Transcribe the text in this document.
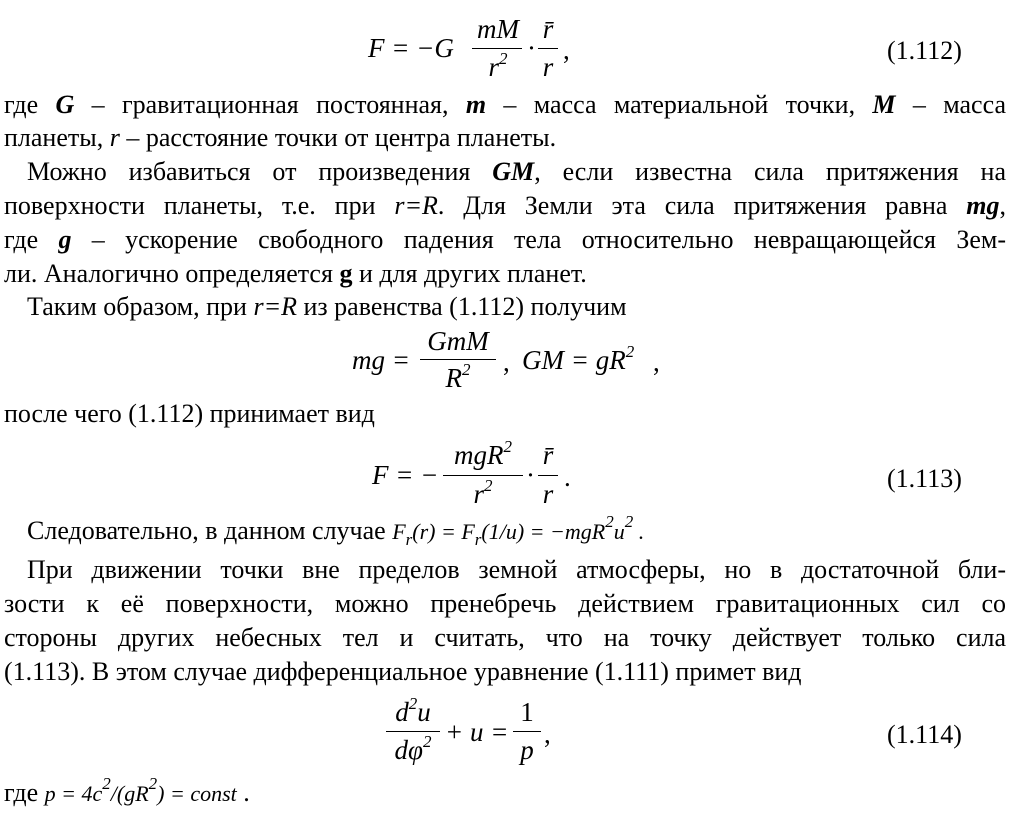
F = −G
mM
$r^2$ ·
r̄
r
,	(1.112)
где G – гравитационная постоянная, m – масса материальной точки, M – масса
планеты, r – расстояние точки от центра планеты.
Можно избавиться от произведения GM, если известна сила притяжения на
поверхности планеты, т.е. при r=R. Для Земли эта сила притяжения равна mg,
где g – ускорение свободного падения тела относительно невращающейся Зем-
ли. Аналогично определяется g и для других планет.
Таким образом, при r=R из равенства (1.112) получим
mg =
GmM
$R^2$	, GM = $gR^2$ ,
после чего (1.112) принимает вид
F = −
mgR$^2$
$r^2$	·
r̄
r
.	(1.113)
Следовательно, в данном случае $F_r(r) = F_r(1/u) = -mgR^2u^2$ .
При движении точки вне пределов земной атмосферы, но в достаточной бли-
зости к её поверхности, можно пренебречь действием гравитационных сил со
стороны других небесных тел и считать, что на точку действует только сила
(1.113). В этом случае дифференциальное уравнение (1.111) примет вид
$d^2u$
$d\varphi^2 + u$ =
1
p
,	(1.114)
где $p = 4c^2/(gR^2)$ = const .
